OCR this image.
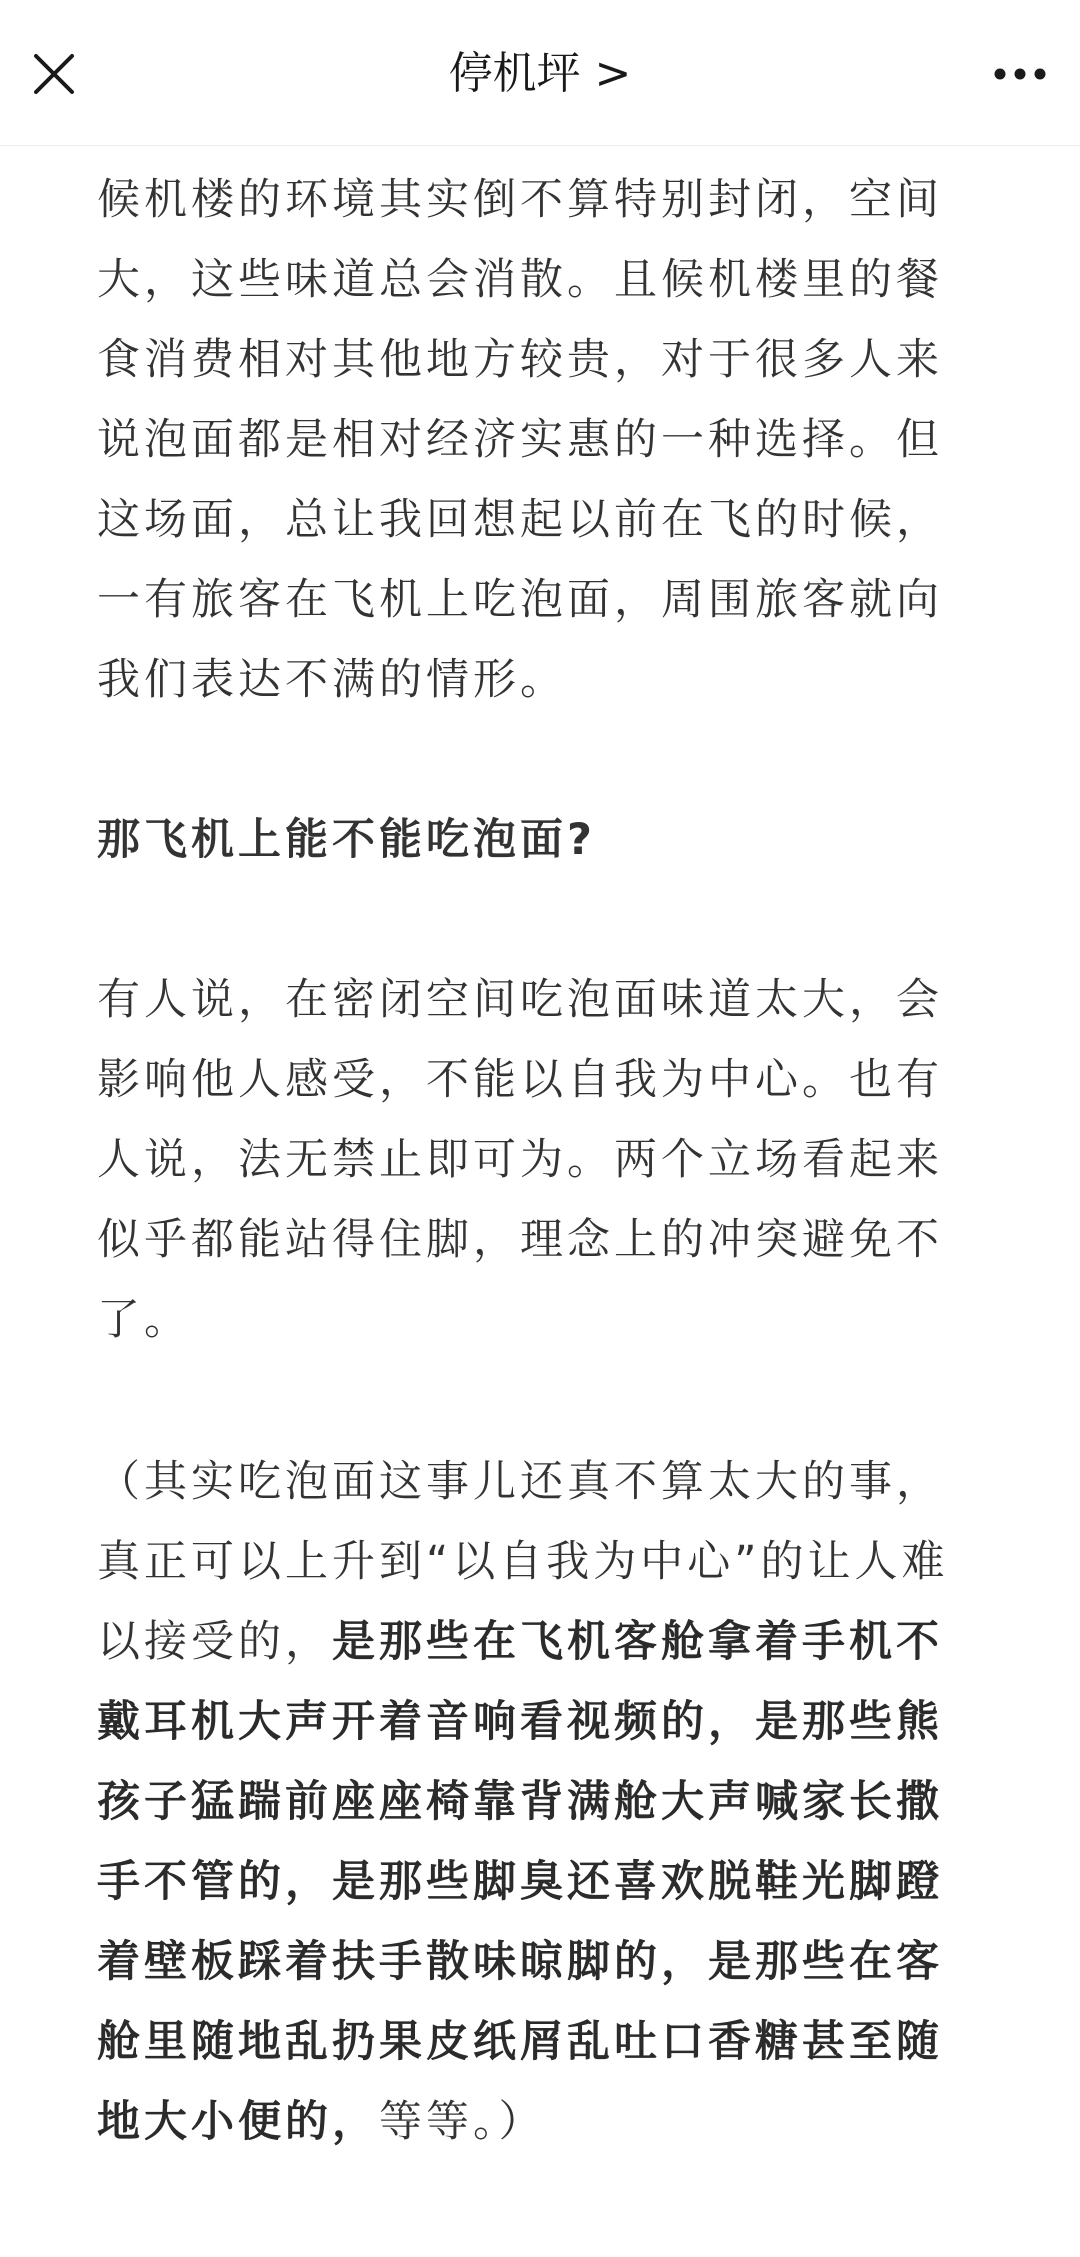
停机坪 >

候机楼的环境其实倒不算特别封闭，空间大，这些味道总会消散。且候机楼里的餐食消费相对其他地方较贵，对于很多人来说泡面都是相对经济实惠的一种选择。但这场面，总让我回想起以前在飞的时候，一有旅客在飞机上吃泡面，周围旅客就向我们表达不满的情形。

那飞机上能不能吃泡面?

有人说，在密闭空间吃泡面味道太大，会影响他人感受，不能以自我为中心。也有人说，法无禁止即可为。两个立场看起来似乎都能站得住脚，理念上的冲突避免不了。

（其实吃泡面这事儿还真不算太大的事，真正可以上升到“以自我为中心”的让人难以接受的，是那些在飞机客舱拿着手机不戴耳机大声开着音响看视频的，是那些熊孩子猛踹前座座椅靠背满舱大声喊家长撒手不管的，是那些脚臭还喜欢脱鞋光脚蹬着壁板踩着扶手散味晾脚的，是那些在客舱里随地乱扔果皮纸屑乱吐口香糖甚至随地大小便的，等等。）
